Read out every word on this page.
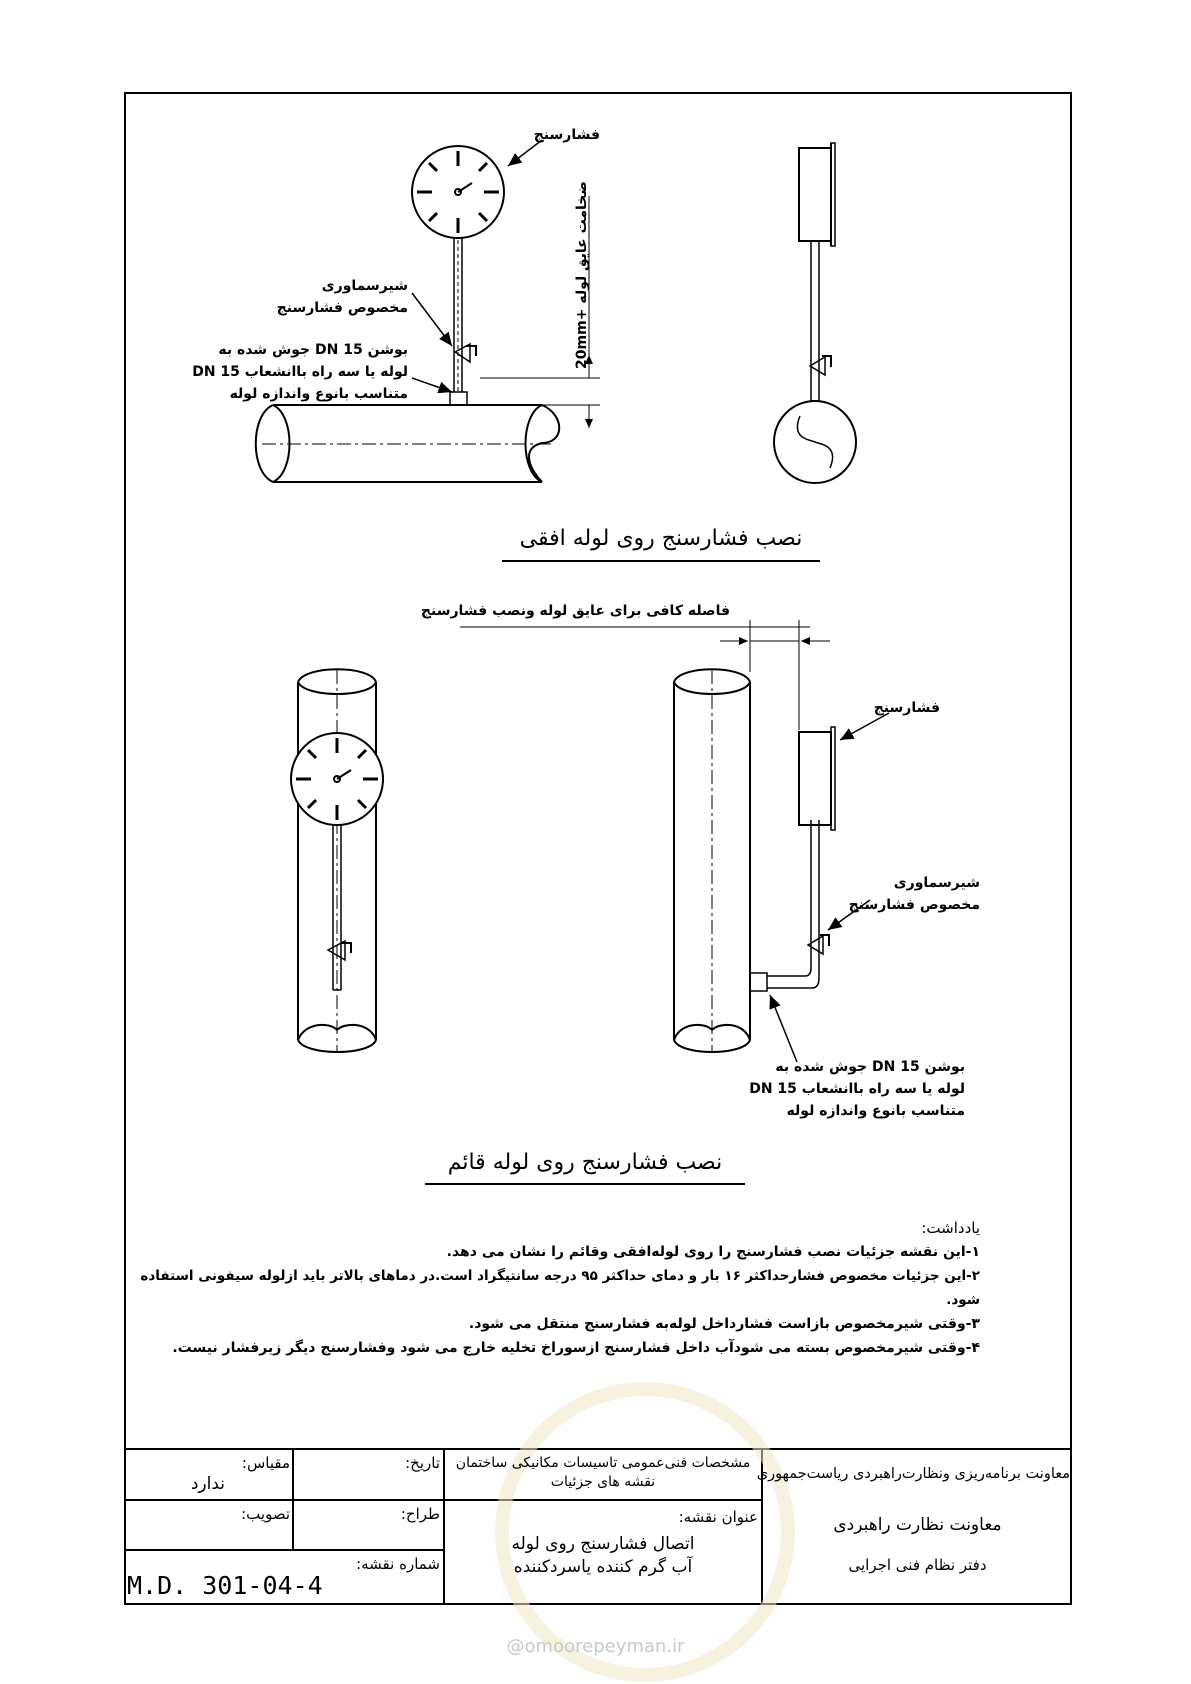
فشارسنج
شیرسماوری
مخصوص فشارسنج
بوشن DN 15 جوش شده به
لوله یا سه راه باانشعاب DN 15
متناسب بانوع واندازه لوله
ضخامت عایق لوله +20mm
نصب فشارسنج روی لوله افقی
فاصله کافی برای عایق لوله ونصب فشارسنج
فشارسنج
شیرسماوری
مخصوص فشارسنج
بوشن DN 15 جوش شده به
لوله یا سه راه باانشعاب DN 15
متناسب بانوع واندازه لوله
نصب فشارسنج روی لوله قائم
یادداشت:
۱-این نقشه جزئیات نصب فشارسنج را روی لوله‌افقی وقائم را نشان می دهد.
۲-این جزئیات مخصوص فشارحداکثر ۱۶ بار و دمای حداکثر ۹۵ درجه سانتیگراد است.در دماهای بالاتر باید ازلوله سیفونی استفاده شود.
۳-وقتی شیرمخصوص بازاست فشارداخل لوله‌به فشارسنج منتقل می شود.
۴-وقتی شیرمخصوص بسته می شودآب داخل فشارسنج ازسوراخ تخلیه خارج می شود وفشارسنج دیگر زیرفشار نیست.
معاونت برنامه‌ریزی ونظارت‌راهبردی ریاست‌جمهوری
معاونت نظارت راهبردی
دفتر نظام فنی اجرایی
مشخصات فنی‌عمومی تاسیسات مکانیکی ساختمان
نقشه های جزئیات
عنوان نقشه:
اتصال فشارسنج روی لوله
آب گرم کننده یاسردکننده
تاریخ:
طراح:
شماره نقشه:
مقیاس:
ندارد
تصویب:
M.D. 301-04-4
@omoorepeyman.ir
